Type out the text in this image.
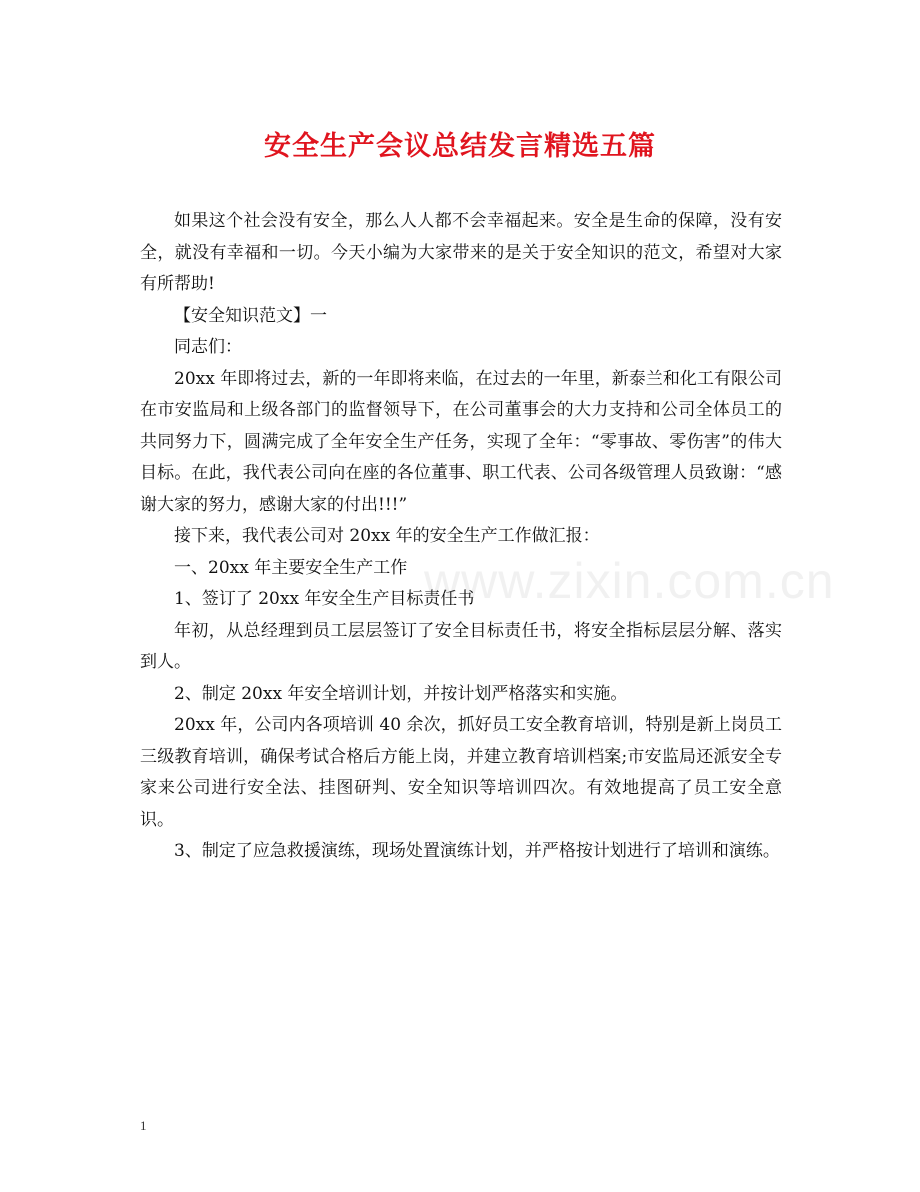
安全生产会议总结发言精选五篇

如果这个社会没有安全，那么人人都不会幸福起来。安全是生命的保障，没有安全，就没有幸福和一切。今天小编为大家带来的是关于安全知识的范文，希望对大家有所帮助!

【安全知识范文】一

同志们：

20xx 年即将过去，新的一年即将来临，在过去的一年里，新泰兰和化工有限公司在市安监局和上级各部门的监督领导下，在公司董事会的大力支持和公司全体员工的共同努力下，圆满完成了全年安全生产任务，实现了全年：“零事故、零伤害”的伟大目标。在此，我代表公司向在座的各位董事、职工代表、公司各级管理人员致谢：“感谢大家的努力，感谢大家的付出!!!”

接下来，我代表公司对 20xx 年的安全生产工作做汇报：

一、20xx 年主要安全生产工作

1、签订了 20xx 年安全生产目标责任书

年初，从总经理到员工层层签订了安全目标责任书，将安全指标层层分解、落实到人。

2、制定 20xx 年安全培训计划，并按计划严格落实和实施。

20xx 年，公司内各项培训 40 余次，抓好员工安全教育培训，特别是新上岗员工三级教育培训，确保考试合格后方能上岗，并建立教育培训档案;市安监局还派安全专家来公司进行安全法、挂图研判、安全知识等培训四次。有效地提高了员工安全意识。

3、制定了应急救援演练，现场处置演练计划，并严格按计划进行了培训和演练。

www.zixin.com.cn
1
